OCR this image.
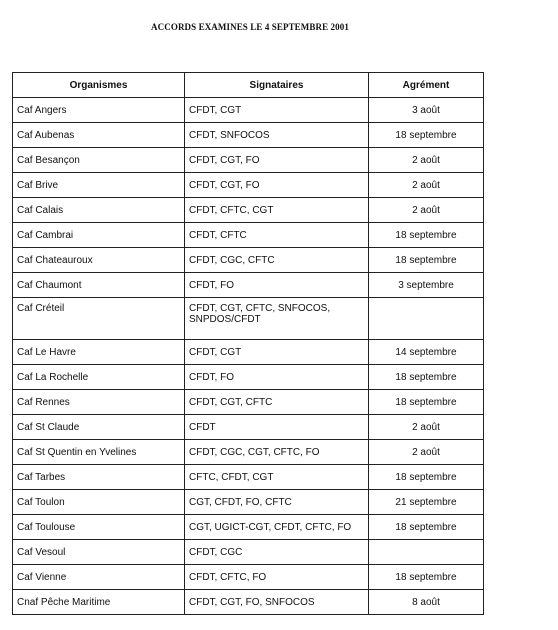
ACCORDS EXAMINES LE 4 SEPTEMBRE 2001
Organismes	Signataires	Agrément
Caf Angers	CFDT, CGT	3 août
Caf Aubenas	CFDT, SNFOCOS	18 septembre
Caf Besançon	CFDT, CGT, FO	2 août
Caf Brive	CFDT, CGT, FO	2 août
Caf Calais	CFDT, CFTC, CGT	2 août
Caf Cambrai	CFDT, CFTC	18 septembre
Caf Chateauroux	CFDT, CGC, CFTC	18 septembre
Caf Chaumont	CFDT, FO	3 septembre
Caf Créteil	CFDT, CGT, CFTC, SNFOCOS, SNPDOS/CFDT	
Caf Le Havre	CFDT, CGT	14 septembre
Caf La Rochelle	CFDT, FO	18 septembre
Caf Rennes	CFDT, CGT, CFTC	18 septembre
Caf St Claude	CFDT	2 août
Caf St Quentin en Yvelines	CFDT, CGC, CGT, CFTC, FO	2 août
Caf Tarbes	CFTC, CFDT, CGT	18 septembre
Caf Toulon	CGT, CFDT, FO, CFTC	21 septembre
Caf Toulouse	CGT, UGICT-CGT, CFDT, CFTC, FO	18 septembre
Caf Vesoul	CFDT, CGC	
Caf Vienne	CFDT, CFTC, FO	18 septembre
Cnaf Pêche Maritime	CFDT, CGT, FO, SNFOCOS	8 août
